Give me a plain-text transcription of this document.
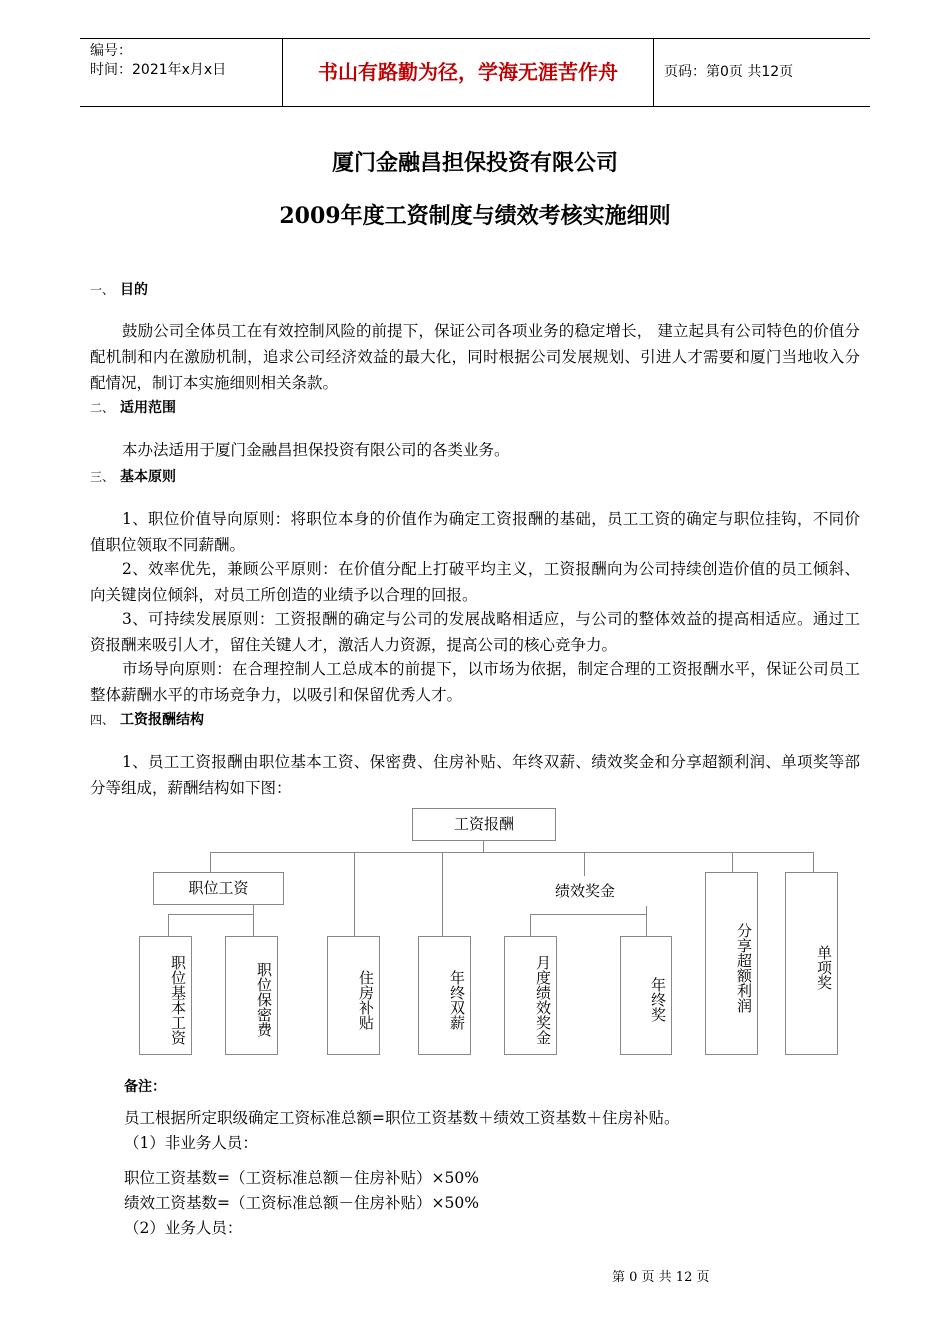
编号：
时间：2021年x月x日	书山有路勤为径，学海无涯苦作舟	页码：第0页 共12页
厦门金融昌担保投资有限公司
2009年度工资制度与绩效考核实施细则
一、 目的
鼓励公司全体员工在有效控制风险的前提下，保证公司各项业务的稳定增长， 建立起具有公司特色的价值分配机制和内在激励机制，追求公司经济效益的最大化，同时根据公司发展规划、引进人才需要和厦门当地收入分配情况，制订本实施细则相关条款。
二、 适用范围
本办法适用于厦门金融昌担保投资有限公司的各类业务。
三、 基本原则
1、职位价值导向原则：将职位本身的价值作为确定工资报酬的基础，员工工资的确定与职位挂钩，不同价值职位领取不同薪酬。
2、效率优先，兼顾公平原则：在价值分配上打破平均主义，工资报酬向为公司持续创造价值的员工倾斜、向关键岗位倾斜，对员工所创造的业绩予以合理的回报。
3、可持续发展原则：工资报酬的确定与公司的发展战略相适应，与公司的整体效益的提高相适应。通过工资报酬来吸引人才，留住关键人才，激活人力资源，提高公司的核心竞争力。
市场导向原则：在合理控制人工总成本的前提下，以市场为依据，制定合理的工资报酬水平，保证公司员工整体薪酬水平的市场竞争力，以吸引和保留优秀人才。
四、 工资报酬结构
1、员工工资报酬由职位基本工资、保密费、住房补贴、年终双薪、绩效奖金和分享超额利润、单项奖等部分等组成，薪酬结构如下图：
工资报酬
职位工资	绩效奖金
职位基本工资	职位保密费	住房补贴	年终双薪	月度绩效奖金	年终奖	分享超额利润	单项奖
备注：
员工根据所定职级确定工资标准总额=职位工资基数＋绩效工资基数＋住房补贴。
（1）非业务人员：
职位工资基数=（工资标准总额－住房补贴）×50%
绩效工资基数=（工资标准总额－住房补贴）×50%
（2）业务人员：
第 0 页 共 12 页
